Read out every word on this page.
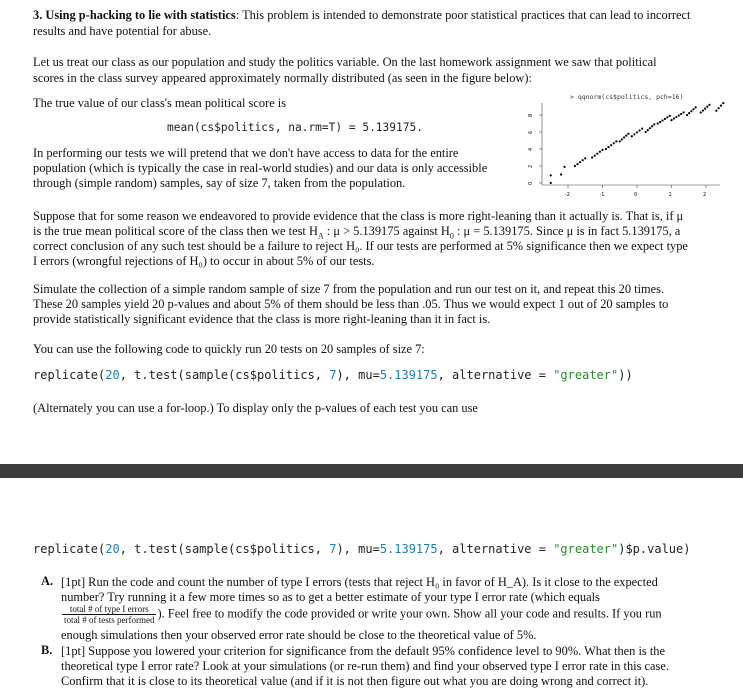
3. Using p-hacking to lie with statistics: This problem is intended to demonstrate poor statistical practices that can lead to incorrect
results and have potential for abuse.
Let us treat our class as our population and study the politics variable. On the last homework assignment we saw that political
scores in the class survey appeared approximately normally distributed (as seen in the figure below):
The true value of our class's mean political score is
mean(cs$politics, na.rm=T) = 5.139175.
In performing our tests we will pretend that we don't have access to data for the entire
population (which is typically the case in real-world studies) and our data is only accessible
through (simple random) samples, say of size 7, taken from the population.
> qqnorm(cs$politics, pch=16)
0
2
4
6
8
-2	-1	0	1	2
Suppose that for some reason we endeavored to provide evidence that the class is more right-leaning than it actually is. That is, if μ
is the true mean political score of the class then we test $H_A$ : μ > 5.139175 against $H_0$ : μ = 5.139175. Since μ is in fact 5.139175, a
correct conclusion of any such test should be a failure to reject H₀. If our tests are performed at 5% significance then we expect type
I errors (wrongful rejections of H₀) to occur in about 5% of our tests.
Simulate the collection of a simple random sample of size 7 from the population and run our test on it, and repeat this 20 times.
These 20 samples yield 20 p-values and about 5% of them should be less than .05. Thus we would expect 1 out of 20 samples to
provide statistically significant evidence that the class is more right-leaning than it in fact is.
You can use the following code to quickly run 20 tests on 20 samples of size 7:
replicate(20, t.test(sample(cs$politics, 7), mu=5.139175, alternative = "greater"))
(Alternately you can use a for-loop.) To display only the p-values of each test you can use
replicate(20, t.test(sample(cs$politics, 7), mu=5.139175, alternative = "greater")$p.value)
A. [1pt] Run the code and count the number of type I errors (tests that reject H₀ in favor of H_A). Is it close to the expected
number? Try running it a few more times so as to get a better estimate of your type I error rate (which equals
$\frac{\text{total \# of type I errors}}{\text{total \# of tests performed}}$ ). Feel free to modify the code provided or write your own. Show all your code and results. If you run
enough simulations then your observed error rate should be close to the theoretical value of 5%.
B. [1pt] Suppose you lowered your criterion for significance from the default 95% confidence level to 90%. What then is the
theoretical type I error rate? Look at your simulations (or re-run them) and find your observed type I error rate in this case.
Confirm that it is close to its theoretical value (and if it is not then figure out what you are doing wrong and correct it).
